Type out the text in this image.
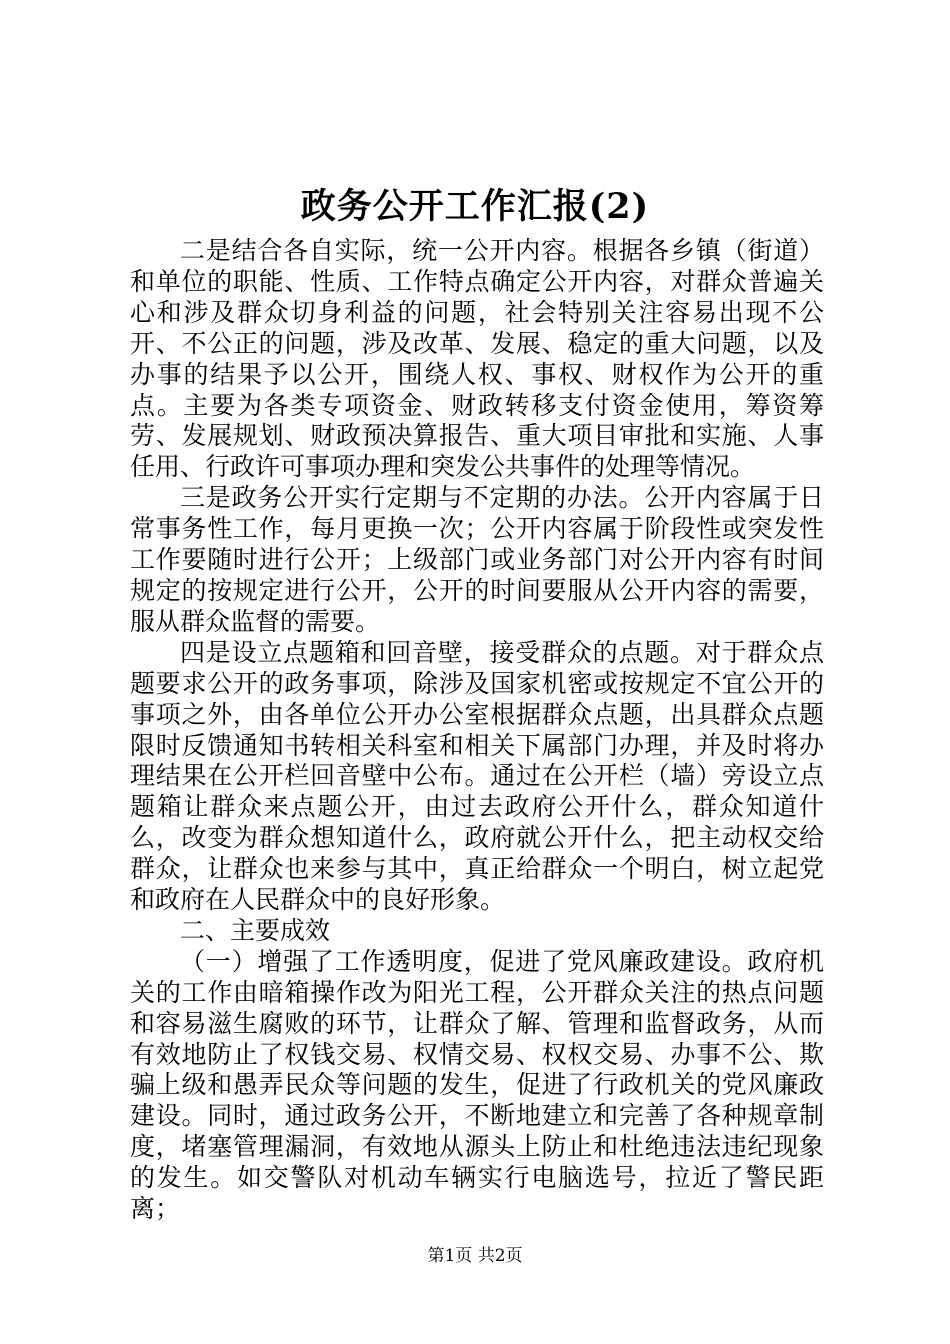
政务公开工作汇报(2)

二是结合各自实际，统一公开内容。根据各乡镇（街道）和单位的职能、性质、工作特点确定公开内容，对群众普遍关心和涉及群众切身利益的问题，社会特别关注容易出现不公开、不公正的问题，涉及改革、发展、稳定的重大问题，以及办事的结果予以公开，围绕人权、事权、财权作为公开的重点。主要为各类专项资金、财政转移支付资金使用，筹资筹劳、发展规划、财政预决算报告、重大项目审批和实施、人事任用、行政许可事项办理和突发公共事件的处理等情况。

三是政务公开实行定期与不定期的办法。公开内容属于日常事务性工作，每月更换一次；公开内容属于阶段性或突发性工作要随时进行公开；上级部门或业务部门对公开内容有时间规定的按规定进行公开，公开的时间要服从公开内容的需要，服从群众监督的需要。

四是设立点题箱和回音壁，接受群众的点题。对于群众点题要求公开的政务事项，除涉及国家机密或按规定不宜公开的事项之外，由各单位公开办公室根据群众点题，出具群众点题限时反馈通知书转相关科室和相关下属部门办理，并及时将办理结果在公开栏回音壁中公布。通过在公开栏（墙）旁设立点题箱让群众来点题公开，由过去政府公开什么，群众知道什么，改变为群众想知道什么，政府就公开什么，把主动权交给群众，让群众也来参与其中，真正给群众一个明白，树立起党和政府在人民群众中的良好形象。

二、主要成效

（一）增强了工作透明度，促进了党风廉政建设。政府机关的工作由暗箱操作改为阳光工程，公开群众关注的热点问题和容易滋生腐败的环节，让群众了解、管理和监督政务，从而有效地防止了权钱交易、权情交易、权权交易、办事不公、欺骗上级和愚弄民众等问题的发生，促进了行政机关的党风廉政建设。同时，通过政务公开，不断地建立和完善了各种规章制度，堵塞管理漏洞，有效地从源头上防止和杜绝违法违纪现象的发生。如交警队对机动车辆实行电脑选号，拉近了警民距离；

第1页 共2页
